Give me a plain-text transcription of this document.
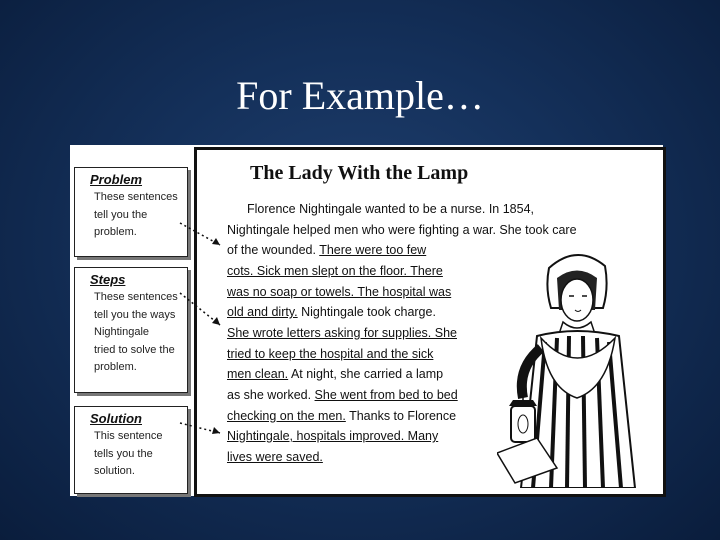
For Example…
Problem
These sentences
tell you the
problem.
Steps
These sentences
tell you the ways
Nightingale
tried to solve the
problem.
Solution
This sentence
tells you the
solution.
The Lady With the Lamp
Florence Nightingale wanted to be a nurse. In 1854,
Nightingale helped men who were fighting a war. She took care
of the wounded. There were too few
cots. Sick men slept on the floor. There
was no soap or towels. The hospital was
old and dirty. Nightingale took charge.
She wrote letters asking for supplies. She
tried to keep the hospital and the sick
men clean. At night, she carried a lamp
as she worked. She went from bed to bed
checking on the men. Thanks to Florence
Nightingale, hospitals improved. Many
lives were saved.
